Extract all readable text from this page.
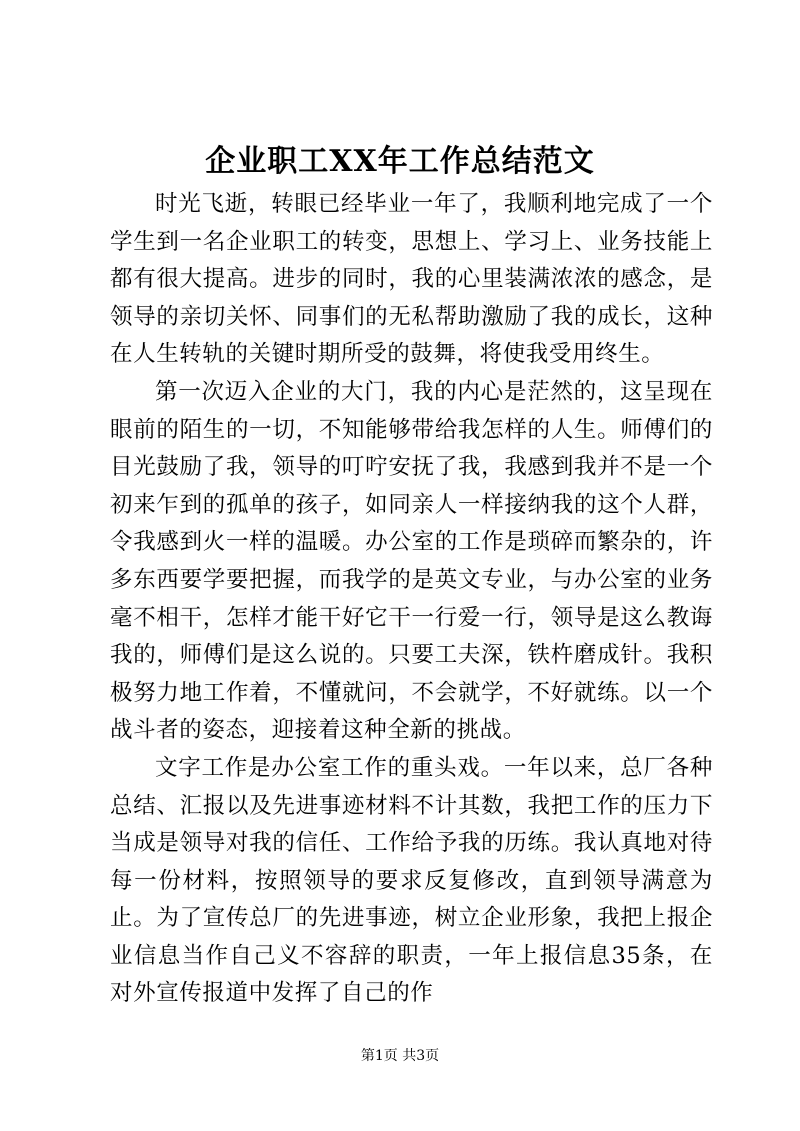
企业职工XX年工作总结范文

时光飞逝，转眼已经毕业一年了，我顺利地完成了一个学生到一名企业职工的转变，思想上、学习上、业务技能上都有很大提高。进步的同时，我的心里装满浓浓的感念，是领导的亲切关怀、同事们的无私帮助激励了我的成长，这种在人生转轨的关键时期所受的鼓舞，将使我受用终生。

第一次迈入企业的大门，我的内心是茫然的，这呈现在眼前的陌生的一切，不知能够带给我怎样的人生。师傅们的目光鼓励了我，领导的叮咛安抚了我，我感到我并不是一个初来乍到的孤单的孩子，如同亲人一样接纳我的这个人群，令我感到火一样的温暖。办公室的工作是琐碎而繁杂的，许多东西要学要把握，而我学的是英文专业，与办公室的业务毫不相干，怎样才能干好它干一行爱一行，领导是这么教诲我的，师傅们是这么说的。只要工夫深，铁杵磨成针。我积极努力地工作着，不懂就问，不会就学，不好就练。以一个战斗者的姿态，迎接着这种全新的挑战。

文字工作是办公室工作的重头戏。一年以来，总厂各种总结、汇报以及先进事迹材料不计其数，我把工作的压力下当成是领导对我的信任、工作给予我的历练。我认真地对待每一份材料，按照领导的要求反复修改，直到领导满意为止。为了宣传总厂的先进事迹，树立企业形象，我把上报企业信息当作自己义不容辞的职责，一年上报信息35条，在对外宣传报道中发挥了自己的作

第1页 共3页
